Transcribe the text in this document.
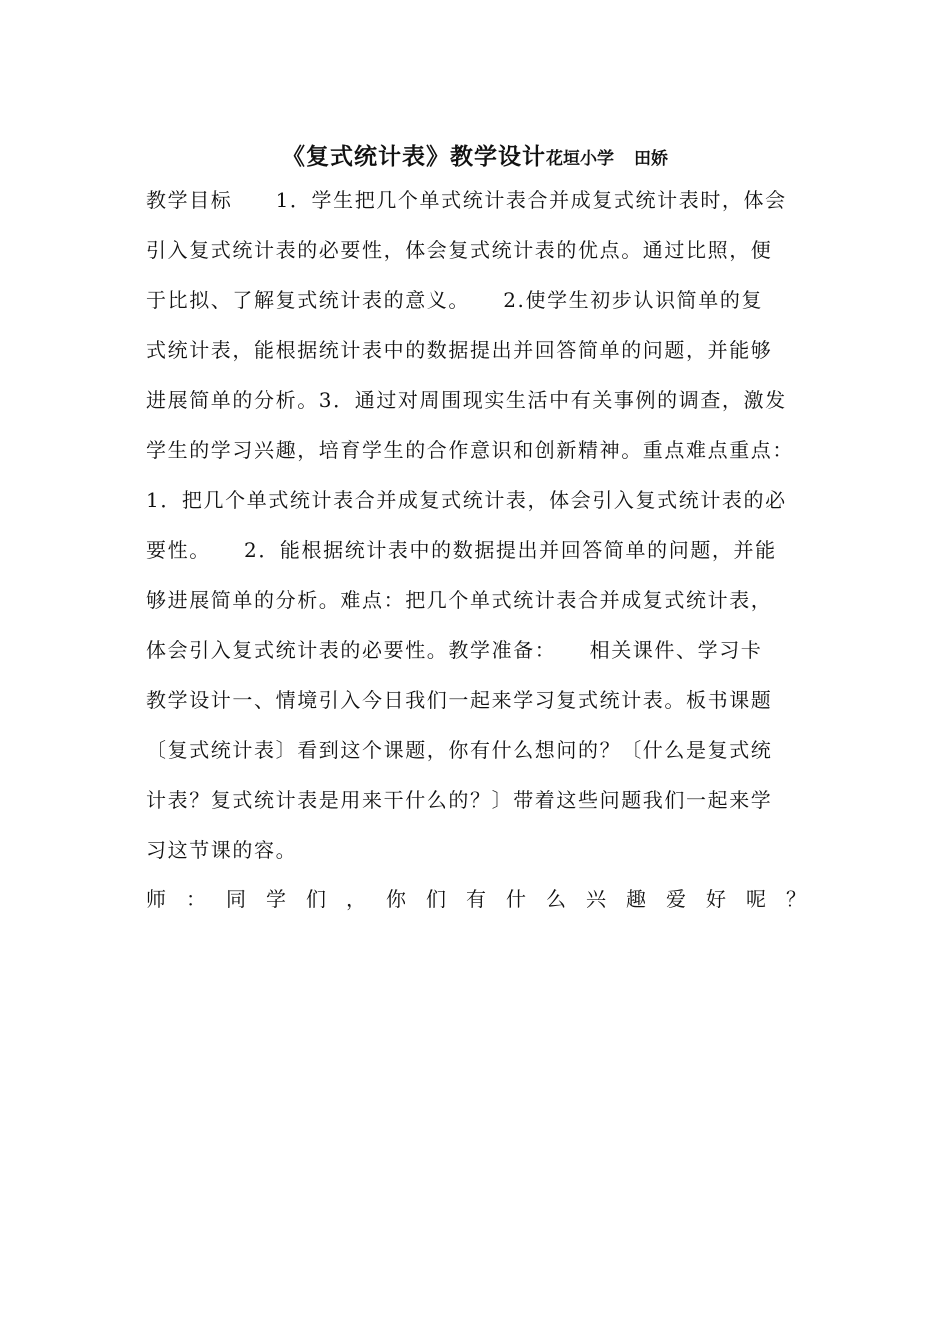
《复式统计表》教学设计花垣小学 田娇
教学目标　　1．学生把几个单式统计表合并成复式统计表时，体会
引入复式统计表的必要性，体会复式统计表的优点。通过比照，便
于比拟、了解复式统计表的意义。　　2.使学生初步认识简单的复
式统计表，能根据统计表中的数据提出并回答简单的问题，并能够
进展简单的分析。3．通过对周围现实生活中有关事例的调查，激发
学生的学习兴趣，培育学生的合作意识和创新精神。重点难点重点：
1．把几个单式统计表合并成复式统计表，体会引入复式统计表的必
要性。　　2．能根据统计表中的数据提出并回答简单的问题，并能
够进展简单的分析。难点：把几个单式统计表合并成复式统计表，
体会引入复式统计表的必要性。教学准备：　　相关课件、学习卡
教学设计一、情境引入今日我们一起来学习复式统计表。板书课题
〔复式统计表〕看到这个课题，你有什么想问的？〔什么是复式统
计表？复式统计表是用来干什么的？〕带着这些问题我们一起来学
习这节课的容。
师 ： 同 学 们 ， 你 们 有 什 么 兴 趣 爱 好 呢 ？
